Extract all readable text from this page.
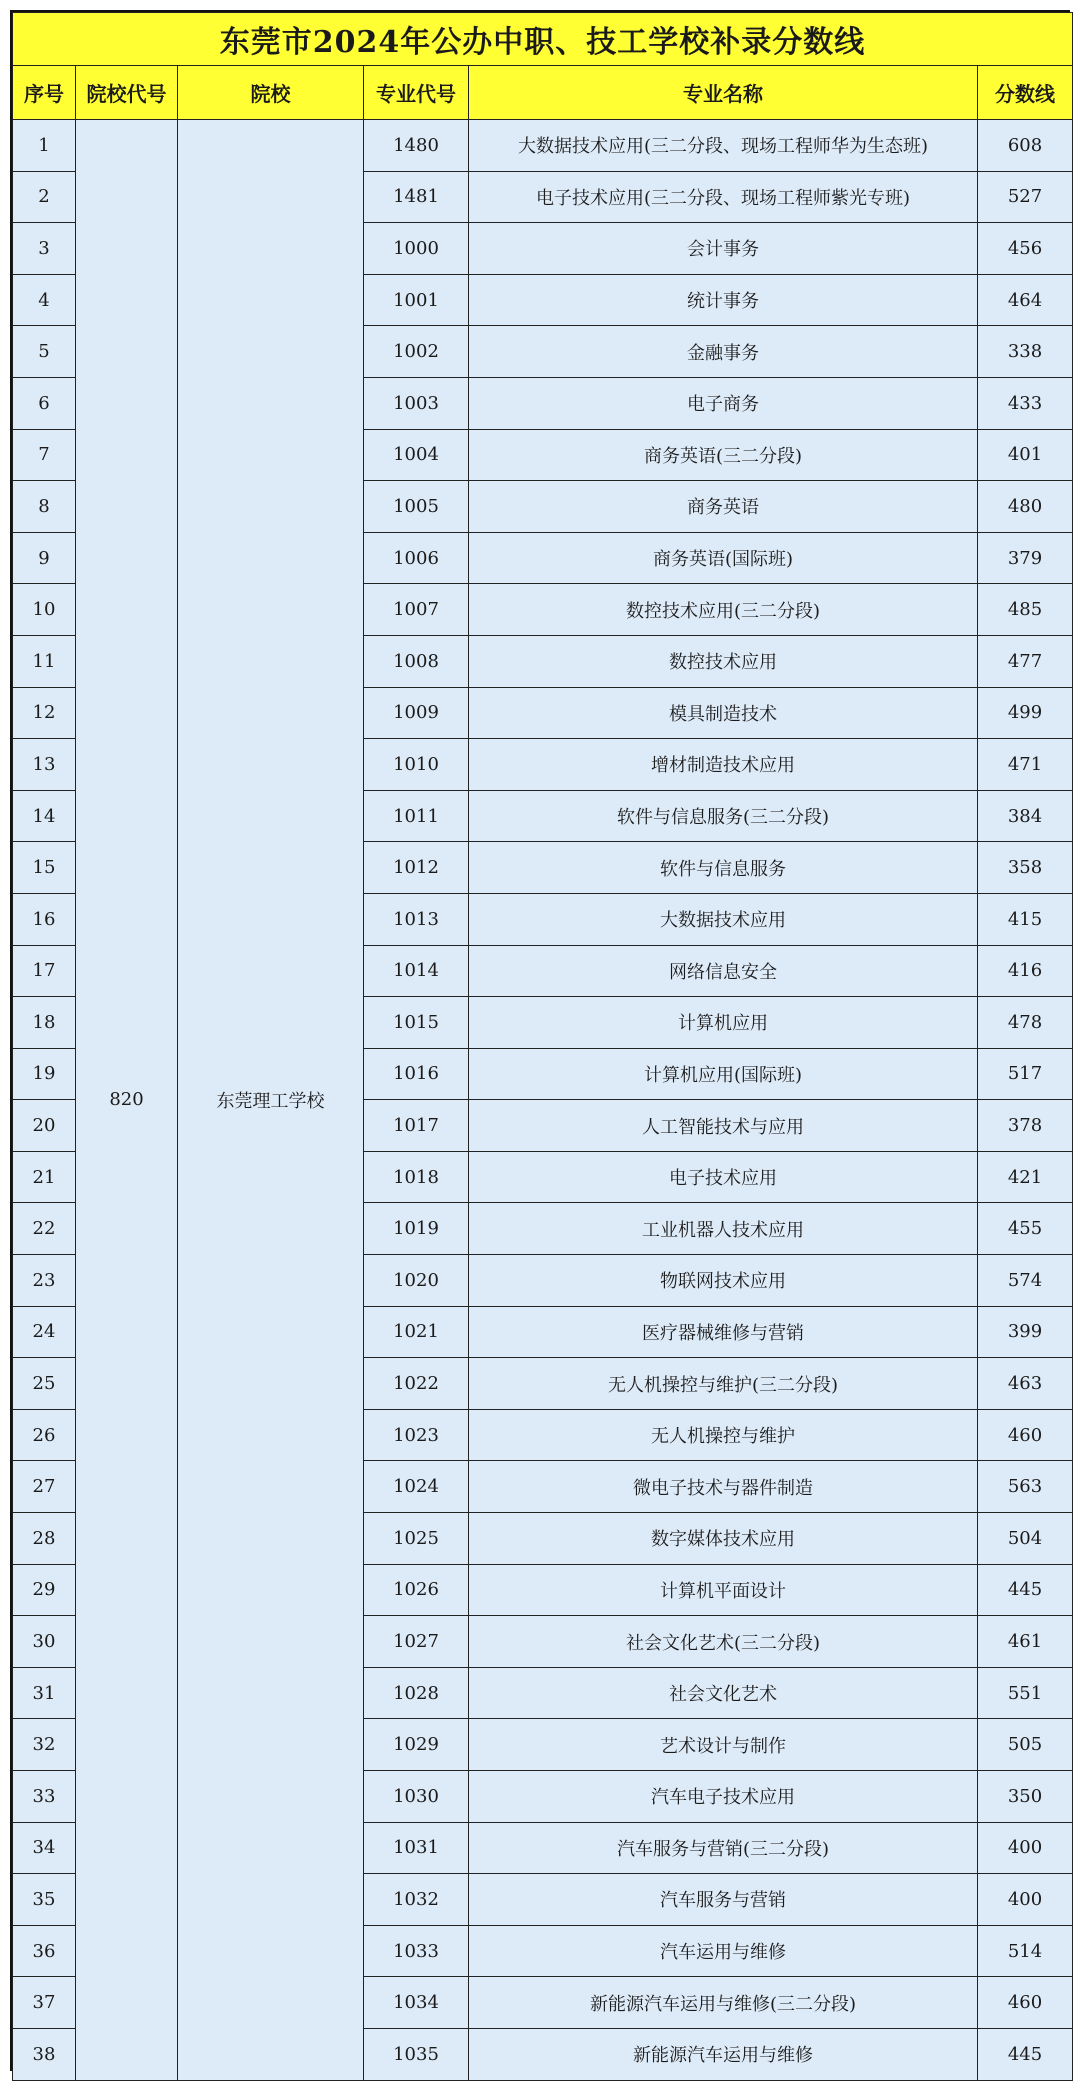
东莞市2024年公办中职、技工学校补录分数线					
序号	院校代号	院校	专业代号	专业名称	分数线
1	820	东莞理工学校	1480	大数据技术应用(三二分段、现场工程师华为生态班)	608
2			1481	电子技术应用(三二分段、现场工程师紫光专班)	527
3			1000	会计事务	456
4			1001	统计事务	464
5			1002	金融事务	338
6			1003	电子商务	433
7			1004	商务英语(三二分段)	401
8			1005	商务英语	480
9			1006	商务英语(国际班)	379
10			1007	数控技术应用(三二分段)	485
11			1008	数控技术应用	477
12			1009	模具制造技术	499
13			1010	增材制造技术应用	471
14			1011	软件与信息服务(三二分段)	384
15			1012	软件与信息服务	358
16			1013	大数据技术应用	415
17			1014	网络信息安全	416
18			1015	计算机应用	478
19			1016	计算机应用(国际班)	517
20			1017	人工智能技术与应用	378
21			1018	电子技术应用	421
22			1019	工业机器人技术应用	455
23			1020	物联网技术应用	574
24			1021	医疗器械维修与营销	399
25			1022	无人机操控与维护(三二分段)	463
26			1023	无人机操控与维护	460
27			1024	微电子技术与器件制造	563
28			1025	数字媒体技术应用	504
29			1026	计算机平面设计	445
30			1027	社会文化艺术(三二分段)	461
31			1028	社会文化艺术	551
32			1029	艺术设计与制作	505
33			1030	汽车电子技术应用	350
34			1031	汽车服务与营销(三二分段)	400
35			1032	汽车服务与营销	400
36			1033	汽车运用与维修	514
37			1034	新能源汽车运用与维修(三二分段)	460
38			1035	新能源汽车运用与维修	445
